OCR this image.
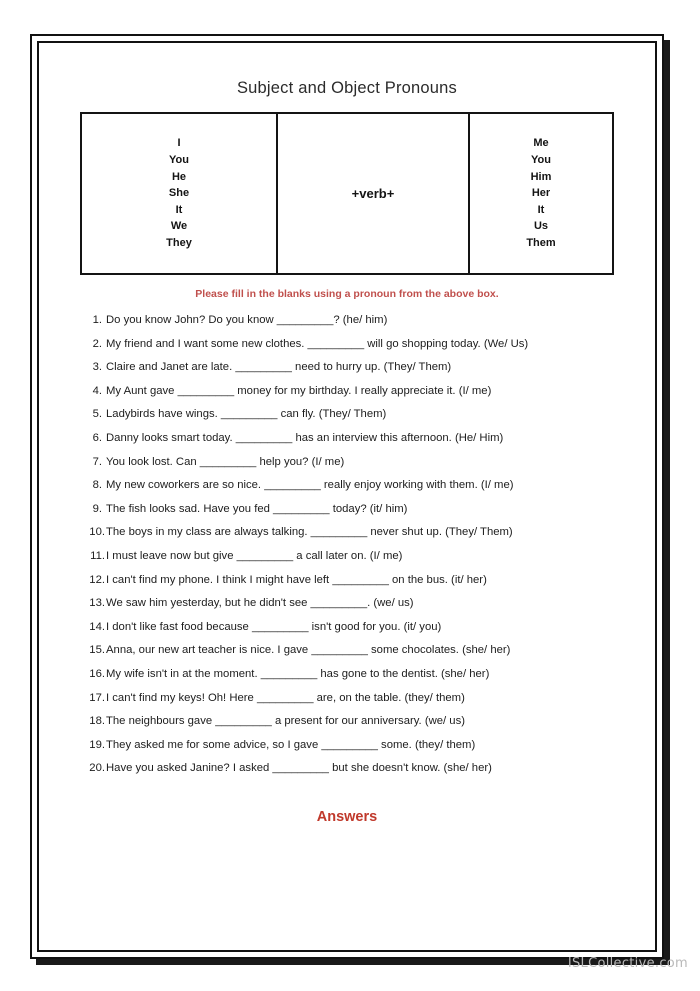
Subject and Object Pronouns
I
You
He
She
It
We
They
+verb+
Me
You
Him
Her
It
Us
Them

Please fill in the blanks using a pronoun from the above box.

1. Do you know John? Do you know _________? (he/ him)
2. My friend and I want some new clothes. _________ will go shopping today. (We/ Us)
3. Claire and Janet are late. _________ need to hurry up. (They/ Them)
4. My Aunt gave _________ money for my birthday. I really appreciate it. (I/ me)
5. Ladybirds have wings. _________ can fly. (They/ Them)
6. Danny looks smart today. _________ has an interview this afternoon. (He/ Him)
7. You look lost. Can _________ help you? (I/ me)
8. My new coworkers are so nice. _________ really enjoy working with them. (I/ me)
9. The fish looks sad. Have you fed _________ today? (it/ him)
10. The boys in my class are always talking. _________ never shut up. (They/ Them)
11. I must leave now but give _________ a call later on. (I/ me)
12. I can't find my phone. I think I might have left _________ on the bus. (it/ her)
13. We saw him yesterday, but he didn't see _________. (we/ us)
14. I don't like fast food because _________ isn't good for you. (it/ you)
15. Anna, our new art teacher is nice. I gave _________ some chocolates. (she/ her)
16. My wife isn't in at the moment. _________ has gone to the dentist. (she/ her)
17. I can't find my keys! Oh! Here _________ are, on the table. (they/ them)
18. The neighbours gave _________ a present for our anniversary. (we/ us)
19. They asked me for some advice, so I gave _________ some. (they/ them)
20. Have you asked Janine? I asked _________ but she doesn't know. (she/ her)
Answers
ISLCollective.com
